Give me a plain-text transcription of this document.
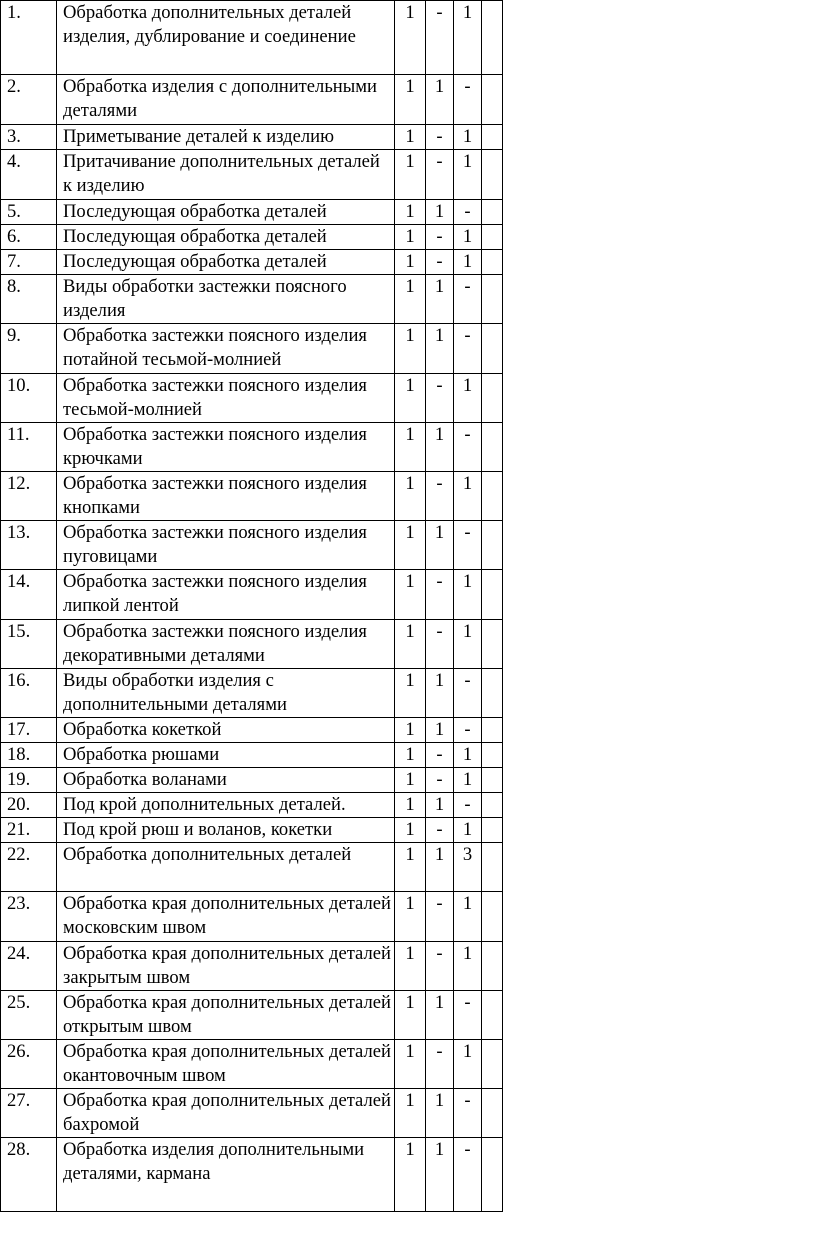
1.	Обработка дополнительных деталей изделия, дублирование и соединение	1	-	1	
2.	Обработка изделия с дополнительными деталями	1	1	-	
3.	Приметывание деталей к изделию	1	-	1	
4.	Притачивание дополнительных деталей к изделию	1	-	1	
5.	Последующая обработка деталей	1	1	-	
6.	Последующая обработка деталей	1	-	1	
7.	Последующая обработка деталей	1	-	1	
8.	Виды обработки застежки поясного изделия	1	1	-	
9.	Обработка застежки поясного изделия потайной тесьмой-молнией	1	1	-	
10.	Обработка застежки поясного изделия тесьмой-молнией	1	-	1	
11.	Обработка застежки поясного изделия крючками	1	1	-	
12.	Обработка застежки поясного изделия кнопками	1	-	1	
13.	Обработка застежки поясного изделия пуговицами	1	1	-	
14.	Обработка застежки поясного изделия липкой лентой	1	-	1	
15.	Обработка застежки поясного изделия декоративными деталями	1	-	1	
16.	Виды обработки изделия с дополнительными деталями	1	1	-	
17.	Обработка кокеткой	1	1	-	
18.	Обработка рюшами	1	-	1	
19.	Обработка воланами	1	-	1	
20.	Под крой дополнительных деталей.	1	1	-	
21.	Под крой рюш и воланов, кокетки	1	-	1	
22.	Обработка дополнительных деталей	1	1	3	
23.	Обработка края дополнительных деталей московским швом	1	-	1	
24.	Обработка края дополнительных деталей закрытым швом	1	-	1	
25.	Обработка края дополнительных деталей открытым швом	1	1	-	
26.	Обработка края дополнительных деталей окантовочным швом	1	-	1	
27.	Обработка края дополнительных деталей бахромой	1	1	-	
28.	Обработка изделия дополнительными деталями, кармана	1	1	-	
